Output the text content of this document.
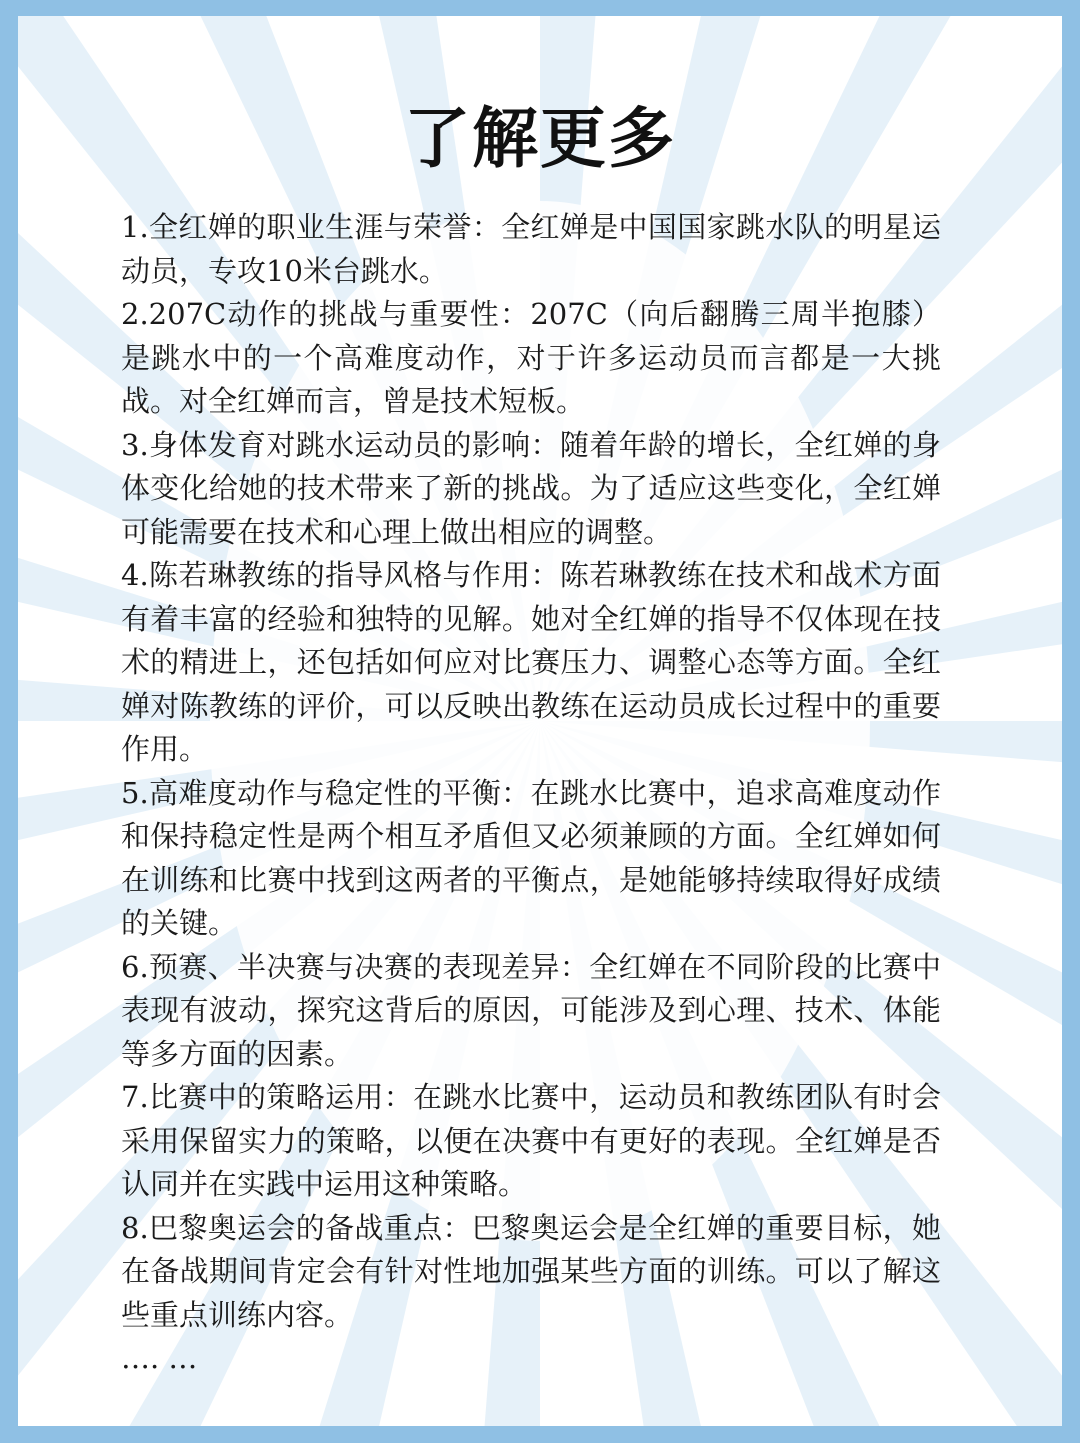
了解更多

1.全红婵的职业生涯与荣誉：全红婵是中国国家跳水队的明星运动员，专攻10米台跳水。

2.207C动作的挑战与重要性：207C（向后翻腾三周半抱膝）是跳水中的一个高难度动作，对于许多运动员而言都是一大挑战。对全红婵而言，曾是技术短板。

3.身体发育对跳水运动员的影响：随着年龄的增长，全红婵的身体变化给她的技术带来了新的挑战。为了适应这些变化，全红婵可能需要在技术和心理上做出相应的调整。

4.陈若琳教练的指导风格与作用：陈若琳教练在技术和战术方面有着丰富的经验和独特的见解。她对全红婵的指导不仅体现在技术的精进上，还包括如何应对比赛压力、调整心态等方面。全红婵对陈教练的评价，可以反映出教练在运动员成长过程中的重要作用。

5.高难度动作与稳定性的平衡：在跳水比赛中，追求高难度动作和保持稳定性是两个相互矛盾但又必须兼顾的方面。全红婵如何在训练和比赛中找到这两者的平衡点，是她能够持续取得好成绩的关键。

6.预赛、半决赛与决赛的表现差异：全红婵在不同阶段的比赛中表现有波动，探究这背后的原因，可能涉及到心理、技术、体能等多方面的因素。

7.比赛中的策略运用：在跳水比赛中，运动员和教练团队有时会采用保留实力的策略，以便在决赛中有更好的表现。全红婵是否认同并在实践中运用这种策略。

8.巴黎奥运会的备战重点：巴黎奥运会是全红婵的重要目标，她在备战期间肯定会有针对性地加强某些方面的训练。可以了解这些重点训练内容。

…. …
